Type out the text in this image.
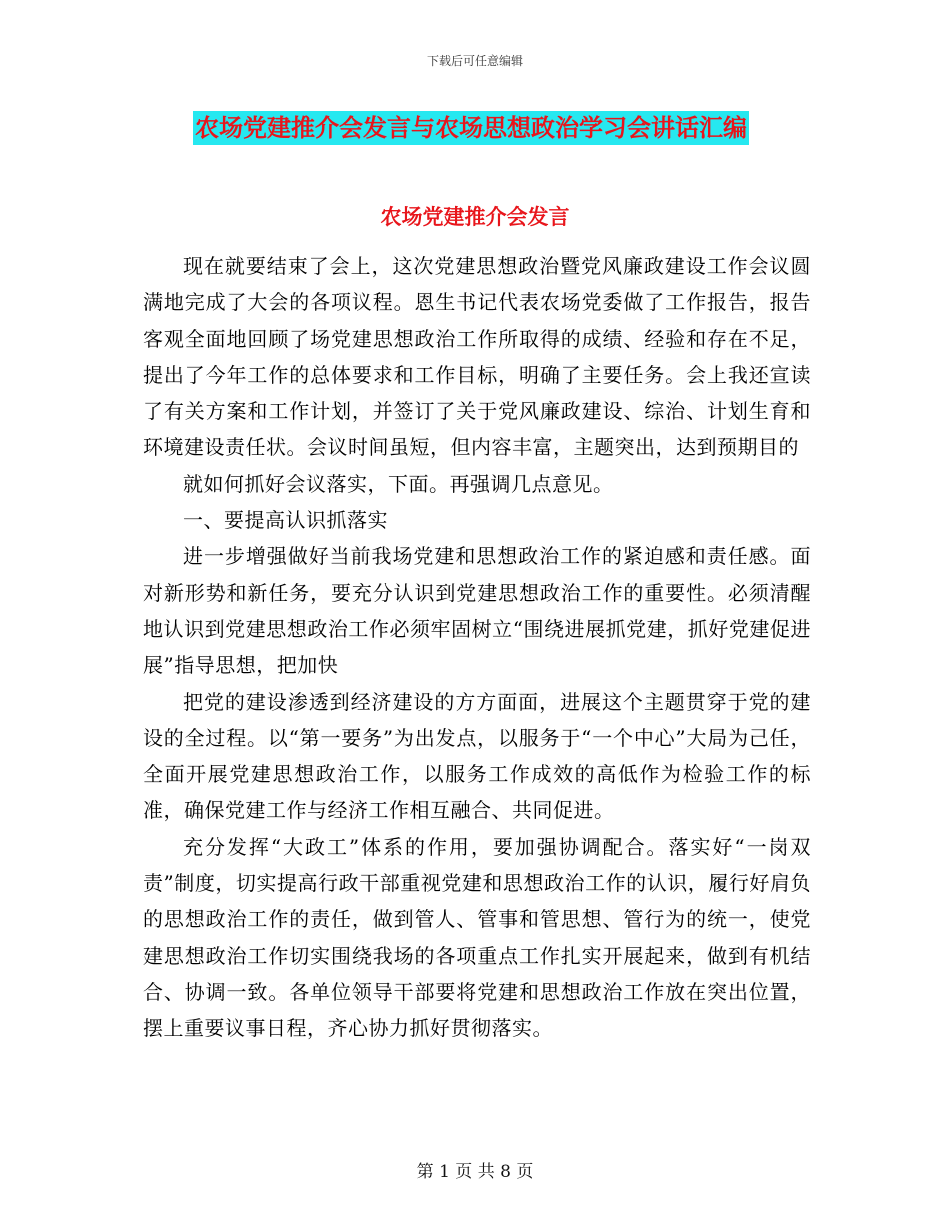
下载后可任意编辑
农场党建推介会发言与农场思想政治学习会讲话汇编
农场党建推介会发言

现在就要结束了会上，这次党建思想政治暨党风廉政建设工作会议圆满地完成了大会的各项议程。恩生书记代表农场党委做了工作报告，报告客观全面地回顾了场党建思想政治工作所取得的成绩、经验和存在不足，提出了今年工作的总体要求和工作目标，明确了主要任务。会上我还宣读了有关方案和工作计划，并签订了关于党风廉政建设、综治、计划生育和环境建设责任状。会议时间虽短，但内容丰富，主题突出，达到预期目的

就如何抓好会议落实，下面。再强调几点意见。

一、要提高认识抓落实

进一步增强做好当前我场党建和思想政治工作的紧迫感和责任感。面对新形势和新任务，要充分认识到党建思想政治工作的重要性。必须清醒地认识到党建思想政治工作必须牢固树立“围绕进展抓党建，抓好党建促进展”指导思想，把加快

把党的建设渗透到经济建设的方方面面，进展这个主题贯穿于党的建设的全过程。以“第一要务”为出发点，以服务于“一个中心”大局为己任，全面开展党建思想政治工作，以服务工作成效的高低作为检验工作的标准，确保党建工作与经济工作相互融合、共同促进。

充分发挥“大政工”体系的作用，要加强协调配合。落实好“一岗双责”制度，切实提高行政干部重视党建和思想政治工作的认识，履行好肩负的思想政治工作的责任，做到管人、管事和管思想、管行为的统一，使党建思想政治工作切实围绕我场的各项重点工作扎实开展起来，做到有机结合、协调一致。各单位领导干部要将党建和思想政治工作放在突出位置，摆上重要议事日程，齐心协力抓好贯彻落实。

第 1 页 共 8 页
